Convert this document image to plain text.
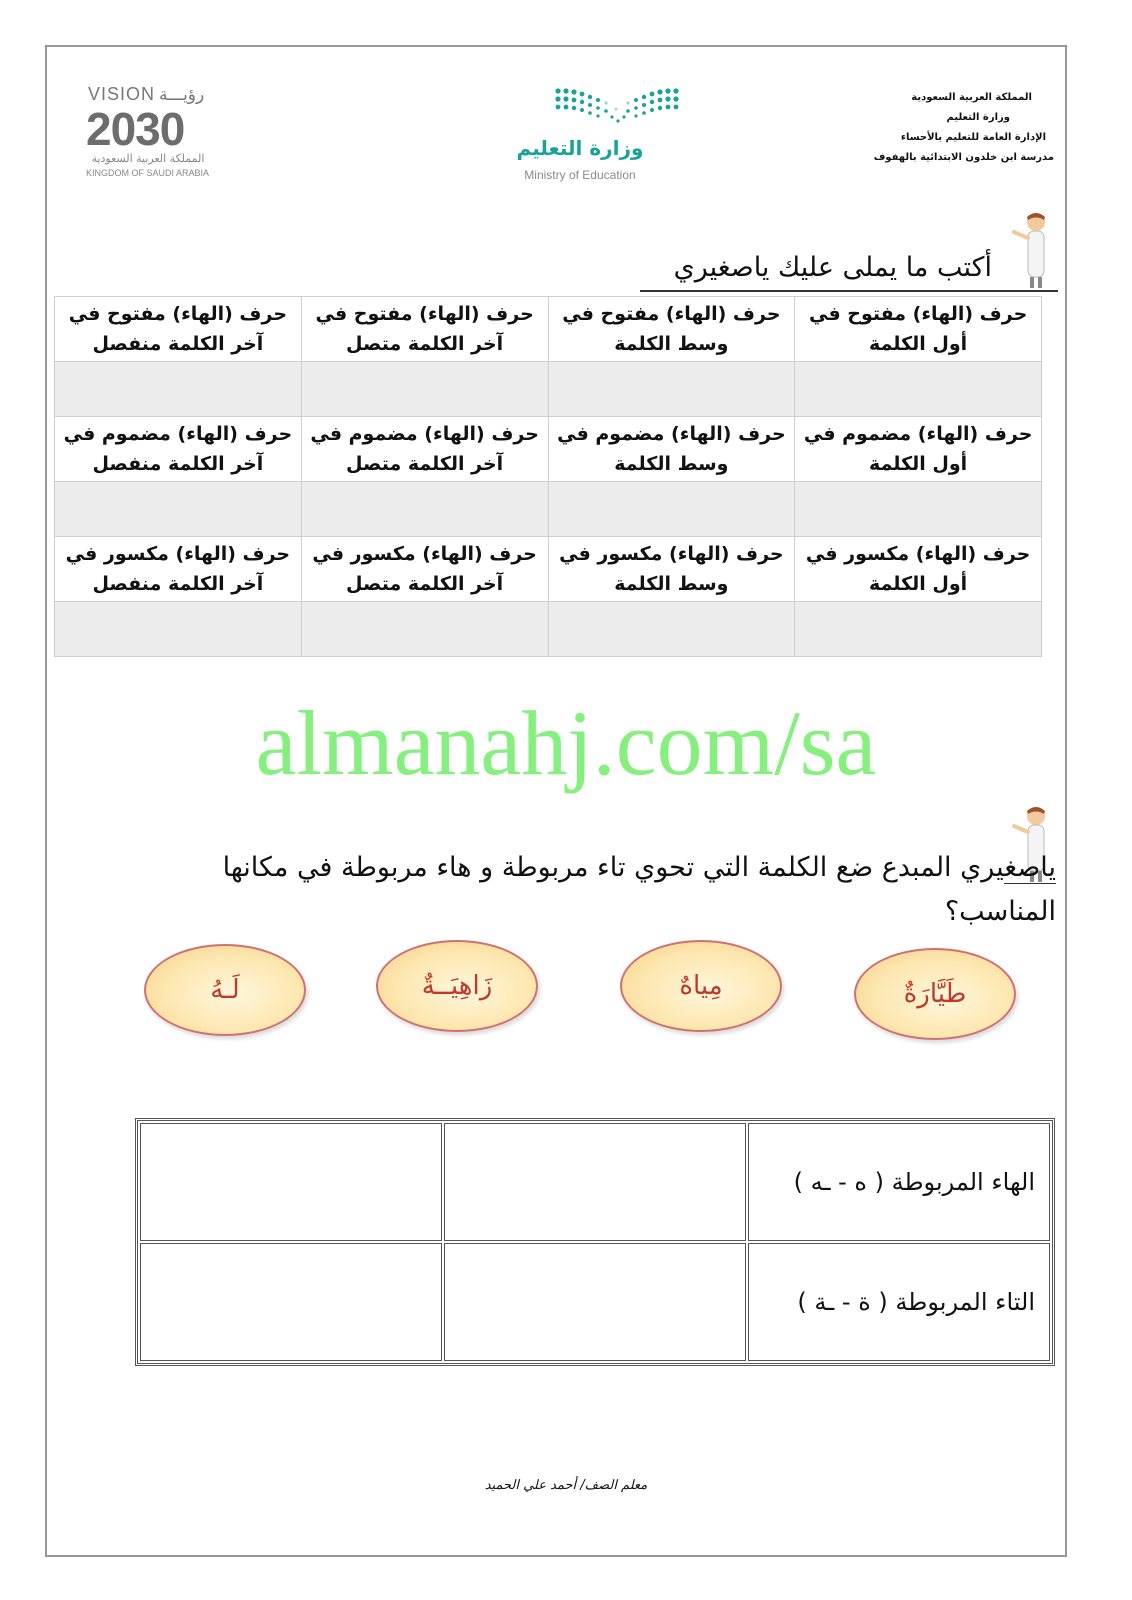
المملكة العربية السعودية
وزارة التعليم
الإدارة العامة للتعليم بالأحساء
مدرسة ابن خلدون الابتدائية بالهفوف
وزارة التعليم
Ministry of Education
VISION رؤيـــة
2030
المملكة العربية السعودية
KINGDOM OF SAUDI ARABIA
أكتب ما يملى عليك ياصغيري
حرف (الهاء) مفتوح في أول الكلمة	حرف (الهاء) مفتوح في وسط الكلمة	حرف (الهاء) مفتوح في آخر الكلمة متصل	حرف (الهاء) مفتوح في آخر الكلمة منفصل

حرف (الهاء) مضموم في أول الكلمة	حرف (الهاء) مضموم في وسط الكلمة	حرف (الهاء) مضموم في آخر الكلمة متصل	حرف (الهاء) مضموم في آخر الكلمة منفصل

حرف (الهاء) مكسور في أول الكلمة	حرف (الهاء) مكسور في وسط الكلمة	حرف (الهاء) مكسور في آخر الكلمة متصل	حرف (الهاء) مكسور في آخر الكلمة منفصل

almanahj.com/sa
ياصغيري المبدع ضع الكلمة التي تحوي تاء مربوطة و هاء مربوطة في مكانها المناسب؟
طَيَّارَةٌ
مِياهٌ
زَاهِيَــةٌ
لَـهُ
الهاء المربوطة ( ه - ـه )		
التاء المربوطة ( ة - ـة )		
معلم الصف/ أحمد علي الحميد
